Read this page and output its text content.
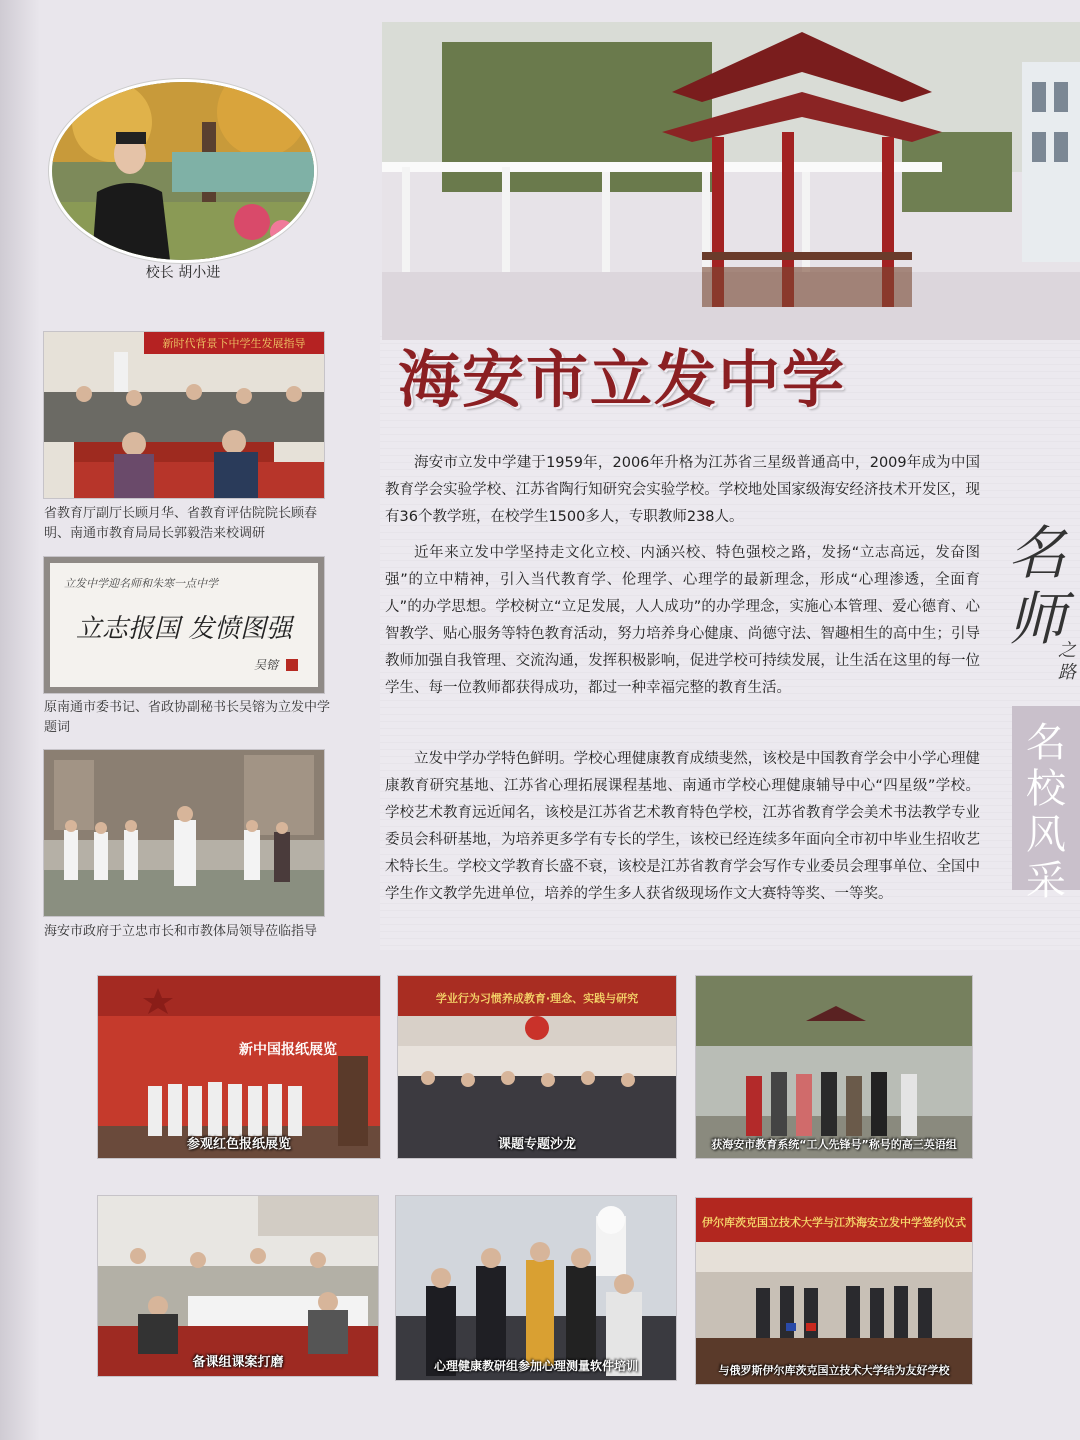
校长 胡小进
海安市立发中学

海安市立发中学建于1959年，2006年升格为江苏省三星级普通高中，2009年成为中国教育学会实验学校、江苏省陶行知研究会实验学校。学校地处国家级海安经济技术开发区，现有36个教学班，在校学生1500多人，专职教师238人。

近年来立发中学坚持走文化立校、内涵兴校、特色强校之路，发扬“立志高远，发奋图强”的立中精神，引入当代教育学、伦理学、心理学的最新理念，形成“心理渗透，全面育人”的办学思想。学校树立“立足发展，人人成功”的办学理念，实施心本管理、爱心德育、心智教学、贴心服务等特色教育活动，努力培养身心健康、尚德守法、智趣相生的高中生；引导教师加强自我管理、交流沟通，发挥积极影响，促进学校可持续发展，让生活在这里的每一位学生、每一位教师都获得成功，都过一种幸福完整的教育生活。

立发中学办学特色鲜明。学校心理健康教育成绩斐然，该校是中国教育学会中小学心理健康教育研究基地、江苏省心理拓展课程基地、南通市学校心理健康辅导中心“四星级”学校。学校艺术教育远近闻名，该校是江苏省艺术教育特色学校，江苏省教育学会美术书法教学专业委员会科研基地，为培养更多学有专长的学生，该校已经连续多年面向全市初中毕业生招收艺术特长生。学校文学教育长盛不衰，该校是江苏省教育学会写作专业委员会理事单位、全国中学生作文教学先进单位，培养的学生多人获省级现场作文大赛特等奖、一等奖。

名师
之路
名校风采
新时代背景下中学生发展指导
省教育厅副厅长顾月华、省教育评估院院长顾春明、南通市教育局局长郭毅浩来校调研
立发中学迎名师和朱寒一点中学
立志报国 发愤图强
吴镕
原南通市委书记、省政协副秘书长吴镕为立发中学题词
海安市政府于立忠市长和市教体局领导莅临指导
新中国报纸展览
参观红色报纸展览
学业行为习惯养成教育·理念、实践与研究
课题专题沙龙	获海安市教育系统“工人先锋号”称号的高三英语组
备课组课案打磨	心理健康教研组参加心理测量软件培训
伊尔库茨克国立技术大学与江苏海安立发中学签约仪式
与俄罗斯伊尔库茨克国立技术大学结为友好学校
